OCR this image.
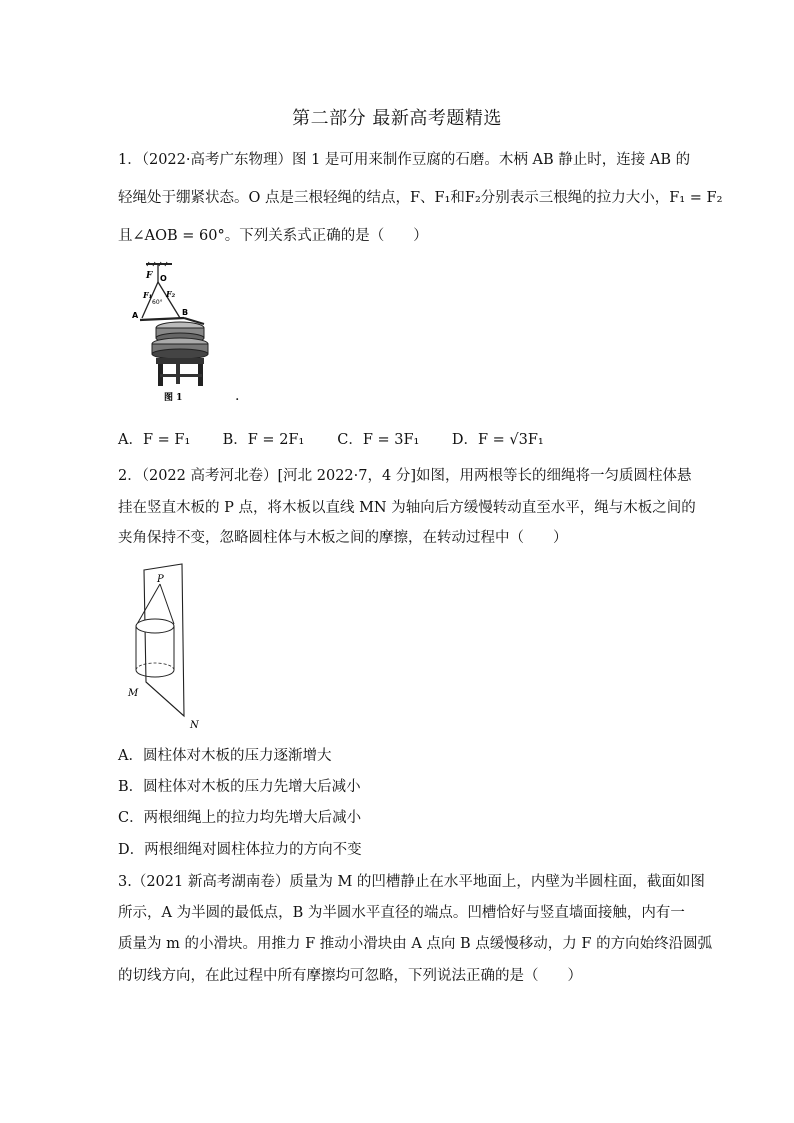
第二部分 最新高考题精选
1．（2022·高考广东物理）图 1 是可用来制作豆腐的石磨。木柄 AB 静止时，连接 AB 的
轻绳处于绷紧状态。O 点是三根轻绳的结点，F、F₁和F₂分别表示三根绳的拉力大小，F₁ = F₂
且∠AOB = 60°。下列关系式正确的是（　　）
F O
F₁ F₂
60°
A	B
图 1	.
A．F = F₁ B．F = 2F₁ C．F = 3F₁ D．F = √3F₁
2．（2022 高考河北卷）[河北 2022·7，4 分]如图，用两根等长的细绳将一匀质圆柱体悬
挂在竖直木板的 P 点，将木板以直线 MN 为轴向后方缓慢转动直至水平，绳与木板之间的
夹角保持不变，忽略圆柱体与木板之间的摩擦，在转动过程中（　　）
P
M
N
A．圆柱体对木板的压力逐渐增大
B．圆柱体对木板的压力先增大后减小
C．两根细绳上的拉力均先增大后减小
D．两根细绳对圆柱体拉力的方向不变
3.（2021 新高考湖南卷）质量为 M 的凹槽静止在水平地面上，内壁为半圆柱面，截面如图
所示，A 为半圆的最低点，B 为半圆水平直径的端点。凹槽恰好与竖直墙面接触，内有一
质量为 m 的小滑块。用推力 F 推动小滑块由 A 点向 B 点缓慢移动，力 F 的方向始终沿圆弧
的切线方向，在此过程中所有摩擦均可忽略，下列说法正确的是（　　）
